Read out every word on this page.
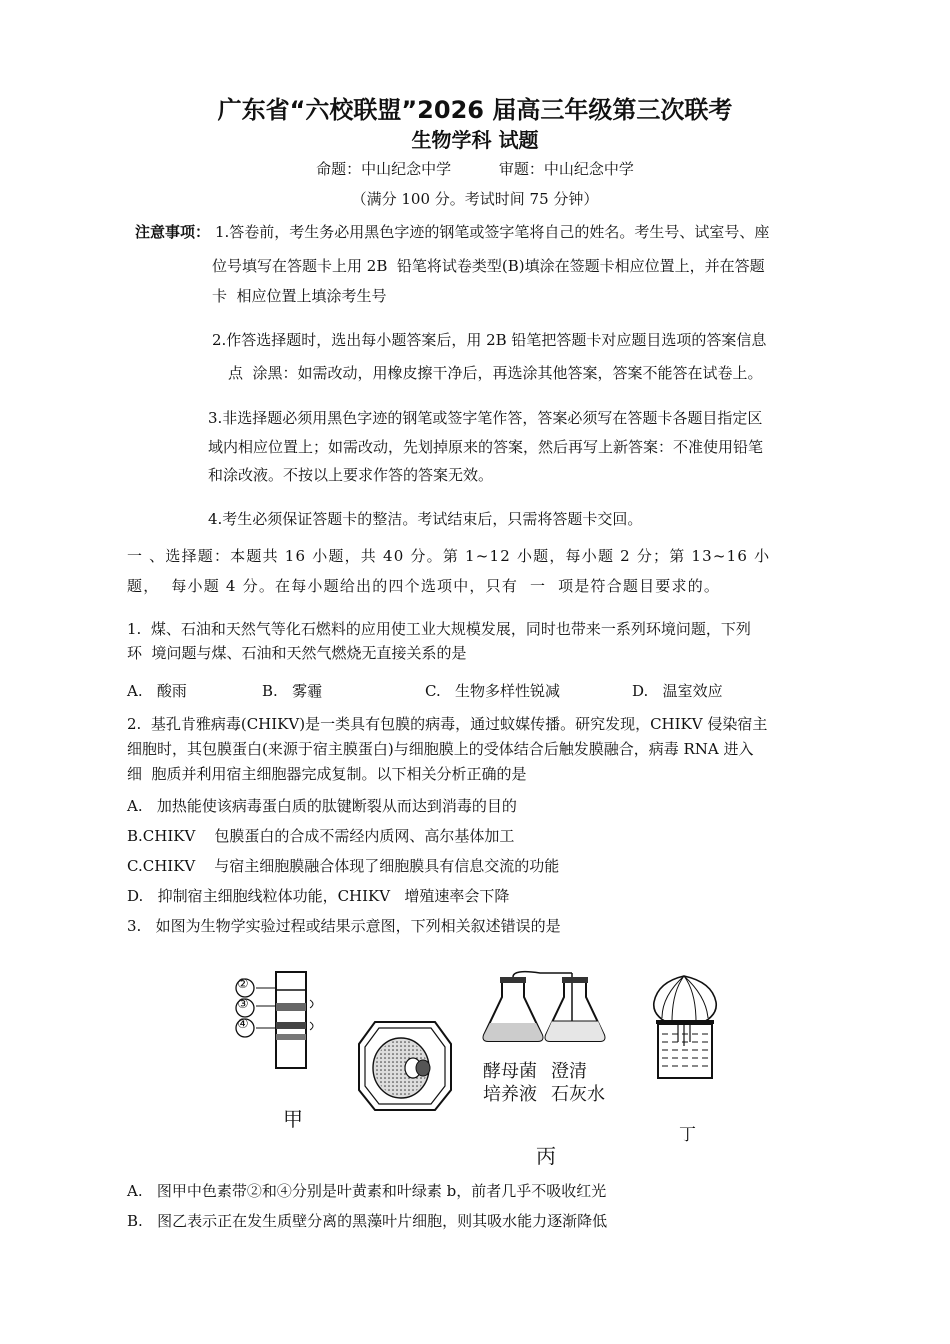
广东省“六校联盟”2026 届高三年级第三次联考
生物学科 试题
命题：中山纪念中学          审题：中山纪念中学
（满分 100 分。考试时间 75 分钟）
注意事项： 1.答卷前，考生务必用黑色字迹的钢笔或签字笔将自己的姓名。考生号、试室号、座
位号填写在答题卡上用 2B  铅笔将试卷类型(B)填涂在签题卡相应位置上，并在答题
卡  相应位置上填涂考生号
2.作答选择题时，选出每小题答案后，用 2B 铅笔把答题卡对应题目选项的答案信息
点  涂黑：如需改动，用橡皮擦干净后，再选涂其他答案，答案不能答在试卷上。
3.非选择题必须用黑色字迹的钢笔或签字笔作答，答案必须写在答题卡各题目指定区
域内相应位置上；如需改动，先划掉原来的答案，然后再写上新答案：不准使用铅笔
和涂改液。不按以上要求作答的答案无效。
4.考生必须保证答题卡的整洁。考试结束后，只需将答题卡交回。
一 、选择题：本题共 16 小题，共 40 分。第 1~12 小题，每小题 2 分；第 13~16 小
题，  每小题 4 分。在每小题给出的四个选项中，只有  一  项是符合题目要求的。
1.  煤、石油和天然气等化石燃料的应用使工业大规模发展，同时也带来一系列环境问题，下列
环  境问题与煤、石油和天然气燃烧无直接关系的是
A.   酸雨	B.   雾霾	C.   生物多样性锐减	D.   温室效应
2.  基孔肯雅病毒(CHIKV)是一类具有包膜的病毒，通过蚊媒传播。研究发现，CHIKV 侵染宿主
细胞时，其包膜蛋白(来源于宿主膜蛋白)与细胞膜上的受体结合后触发膜融合，病毒 RNA 进入
细  胞质并利用宿主细胞器完成复制。以下相关分析正确的是
A.   加热能使该病毒蛋白质的肽键断裂从而达到消毒的目的
B.CHIKV    包膜蛋白的合成不需经内质网、高尔基体加工
C.CHIKV    与宿主细胞膜融合体现了细胞膜具有信息交流的功能
D.   抑制宿主细胞线粒体功能，CHIKV   增殖速率会下降
3.   如图为生物学实验过程或结果示意图，下列相关叙述错误的是
②
③
④
甲
酵母菌
培养液
澄清
石灰水
丙
丁
A.   图甲中色素带②和④分别是叶黄素和叶绿素 b，前者几乎不吸收红光
B.   图乙表示正在发生质壁分离的黑藻叶片细胞，则其吸水能力逐渐降低
